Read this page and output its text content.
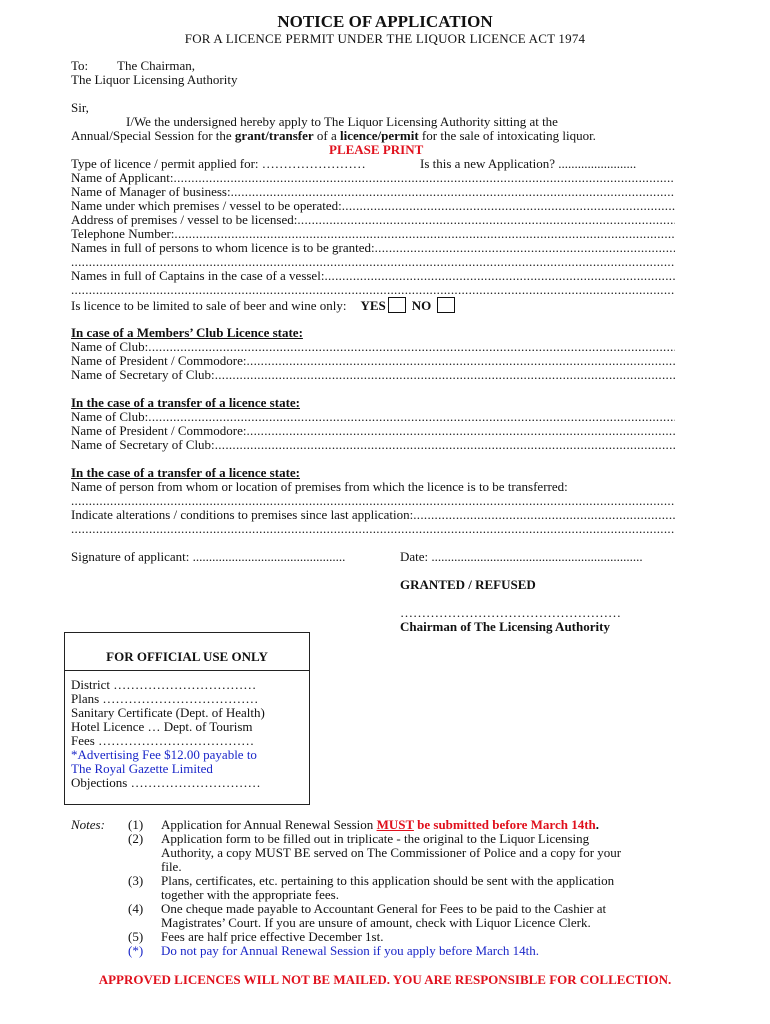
NOTICE OF APPLICATION
FOR A LICENCE PERMIT UNDER THE LIQUOR LICENCE ACT 1974
To: The Chairman,
The Liquor Licensing Authority
Sir,
I/We the undersigned hereby apply to The Liquor Licensing Authority sitting at the
Annual/Special Session for the grant/transfer of a licence/permit for the sale of intoxicating liquor.
PLEASE PRINT
Type of licence / permit applied for: ……………………	Is this a new Application? ........................
Name of Applicant:
.....
Name of Manager of business:
.....
Name under which premises / vessel to be operated:
.....
Address of premises / vessel to be licensed:
.....
Telephone Number:
.....
Names in full of persons to whom licence is to be granted:
.....
.....
Names in full of Captains in the case of a vessel:
.....
.....
Is licence to be limited to sale of beer and wine only: YES NO
In case of a Members’ Club Licence state:
Name of Club:
.....
Name of President / Commodore:
.....
Name of Secretary of Club:
.....
In the case of a transfer of a licence state:
Name of Club:
.....
Name of President / Commodore:
.....
Name of Secretary of Club:
.....
In the case of a transfer of a licence state:
Name of person from whom or location of premises from which the licence is to be transferred:
.....
Indicate alterations / conditions to premises since last application:
.....
.....
Signature of applicant: ...............................................	Date: .................................................................
GRANTED / REFUSED
……………………………………………
Chairman of The Licensing Authority
FOR OFFICIAL USE ONLY
District ……………………………
Plans ………………………………
Sanitary Certificate (Dept. of Health)
Hotel Licence … Dept. of Tourism
Fees ………………………………
*Advertising Fee $12.00 payable to
The Royal Gazette Limited
Objections …………………………
Notes: (1)	Application for Annual Renewal Session MUST be submitted before March 14th.
(2)	Application form to be filled out in triplicate - the original to the Liquor Licensing
Authority, a copy MUST BE served on The Commissioner of Police and a copy for your
file.
(3)	Plans, certificates, etc. pertaining to this application should be sent with the application
together with the appropriate fees.
(4)	One cheque made payable to Accountant General for Fees to be paid to the Cashier at
Magistrates’ Court. If you are unsure of amount, check with Liquor Licence Clerk.
(5)	Fees are half price effective December 1st.
(*)	Do not pay for Annual Renewal Session if you apply before March 14th.
APPROVED LICENCES WILL NOT BE MAILED. YOU ARE RESPONSIBLE FOR COLLECTION.
